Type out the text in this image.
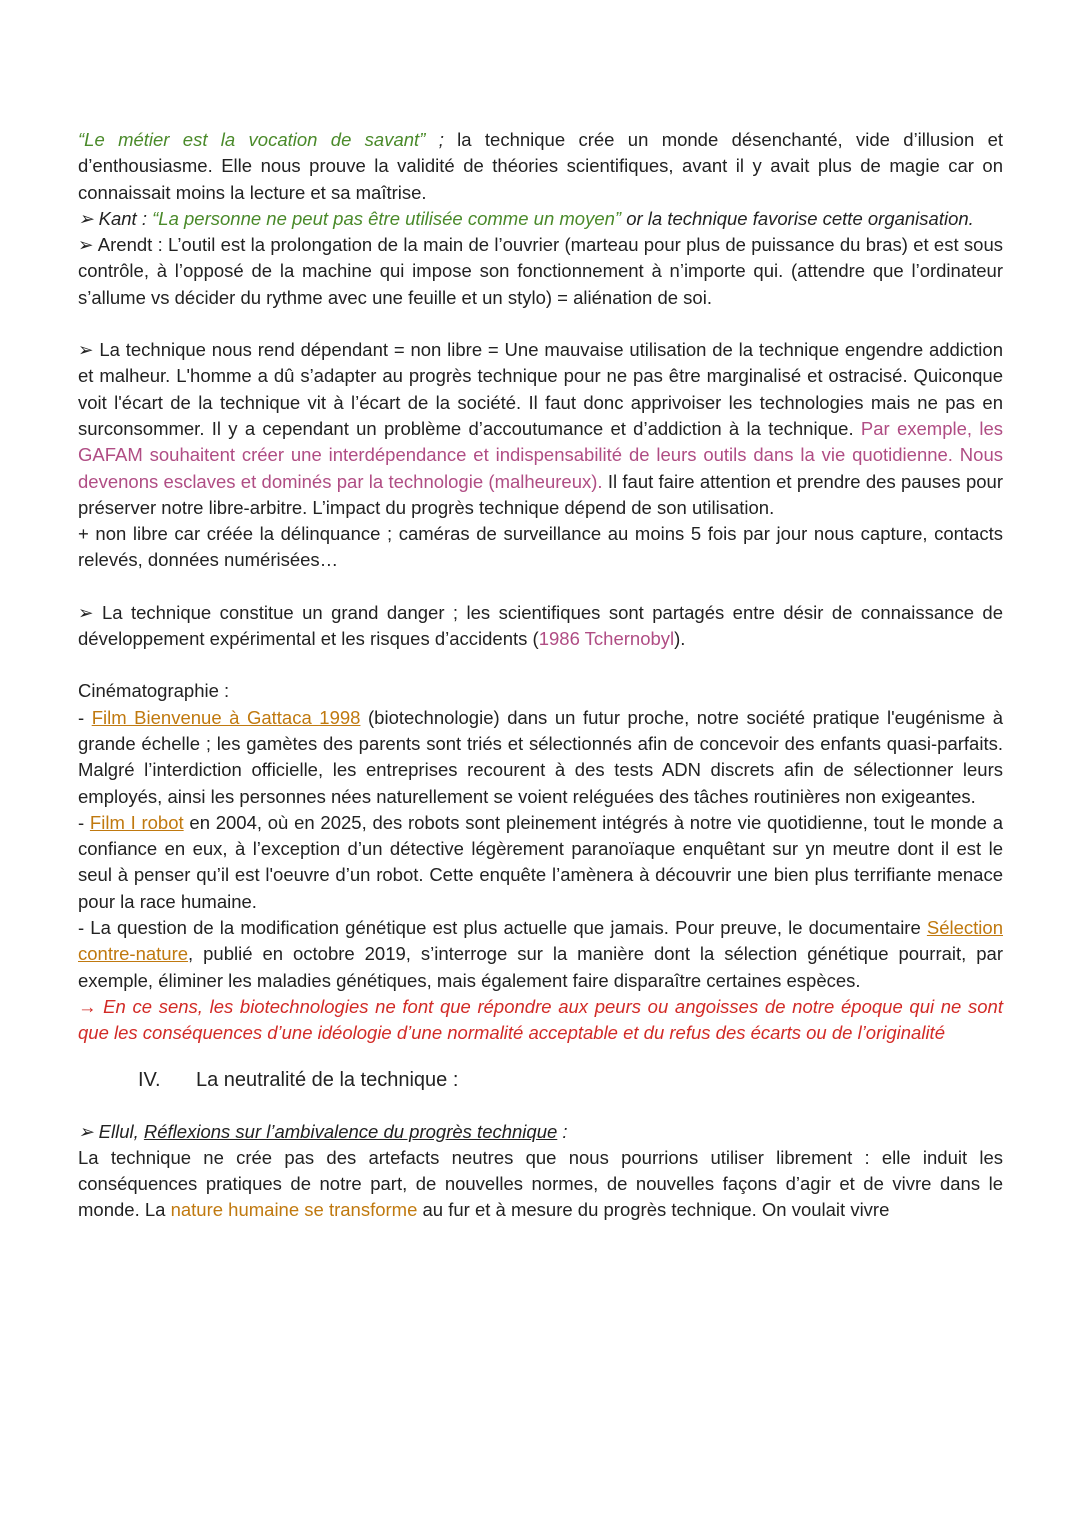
“Le métier est la vocation de savant” ; la technique crée un monde désenchanté, vide d’illusion et d’enthousiasme. Elle nous prouve la validité de théories scientifiques, avant il y avait plus de magie car on connaissait moins la lecture et sa maîtrise.

➢ Kant : “La personne ne peut pas être utilisée comme un moyen” or la technique favorise cette organisation.

➢ Arendt : L’outil est la prolongation de la main de l’ouvrier (marteau pour plus de puissance du bras) et est sous contrôle, à l’opposé de la machine qui impose son fonctionnement à n’importe qui. (attendre que l’ordinateur s’allume vs décider du rythme avec une feuille et un stylo) = aliénation de soi.

➢ La technique nous rend dépendant = non libre = Une mauvaise utilisation de la technique engendre addiction et malheur. L'homme a dû s’adapter au progrès technique pour ne pas être marginalisé et ostracisé. Quiconque voit l'écart de la technique vit à l’écart de la société. Il faut donc apprivoiser les technologies mais ne pas en surconsommer. Il y a cependant un problème d’accoutumance et d’addiction à la technique. Par exemple, les GAFAM souhaitent créer une interdépendance et indispensabilité de leurs outils dans la vie quotidienne. Nous devenons esclaves et dominés par la technologie (malheureux). Il faut faire attention et prendre des pauses pour préserver notre libre-arbitre. L’impact du progrès technique dépend de son utilisation.

+ non libre car créée la délinquance ; caméras de surveillance au moins 5 fois par jour nous capture, contacts relevés, données numérisées…

➢ La technique constitue un grand danger ; les scientifiques sont partagés entre désir de connaissance de développement expérimental et les risques d’accidents (1986 Tchernobyl).

Cinématographie :

- Film Bienvenue à Gattaca 1998 (biotechnologie) dans un futur proche, notre société pratique l'eugénisme à grande échelle ; les gamètes des parents sont triés et sélectionnés afin de concevoir des enfants quasi-parfaits. Malgré l’interdiction officielle, les entreprises recourent à des tests ADN discrets afin de sélectionner leurs employés, ainsi les personnes nées naturellement se voient reléguées des tâches routinières non exigeantes.

- Film I robot en 2004, où en 2025, des robots sont pleinement intégrés à notre vie quotidienne, tout le monde a confiance en eux, à l’exception d’un détective légèrement paranoïaque enquêtant sur yn meutre dont il est le seul à penser qu’il est l'oeuvre d’un robot. Cette enquête l’amènera à découvrir une bien plus terrifiante menace pour la race humaine.

- La question de la modification génétique est plus actuelle que jamais. Pour preuve, le documentaire Sélection contre-nature, publié en octobre 2019, s’interroge sur la manière dont la sélection génétique pourrait, par exemple, éliminer les maladies génétiques, mais également faire disparaître certaines espèces.

→ En ce sens, les biotechnologies ne font que répondre aux peurs ou angoisses de notre époque qui ne sont que les conséquences d’une idéologie d’une normalité acceptable et du refus des écarts ou de l’originalité

IV. La neutralité de la technique :

➢ Ellul, Réflexions sur l’ambivalence du progrès technique :

La technique ne crée pas des artefacts neutres que nous pourrions utiliser librement : elle induit les conséquences pratiques de notre part, de nouvelles normes, de nouvelles façons d’agir et de vivre dans le monde. La nature humaine se transforme au fur et à mesure du progrès technique. On voulait vivre
